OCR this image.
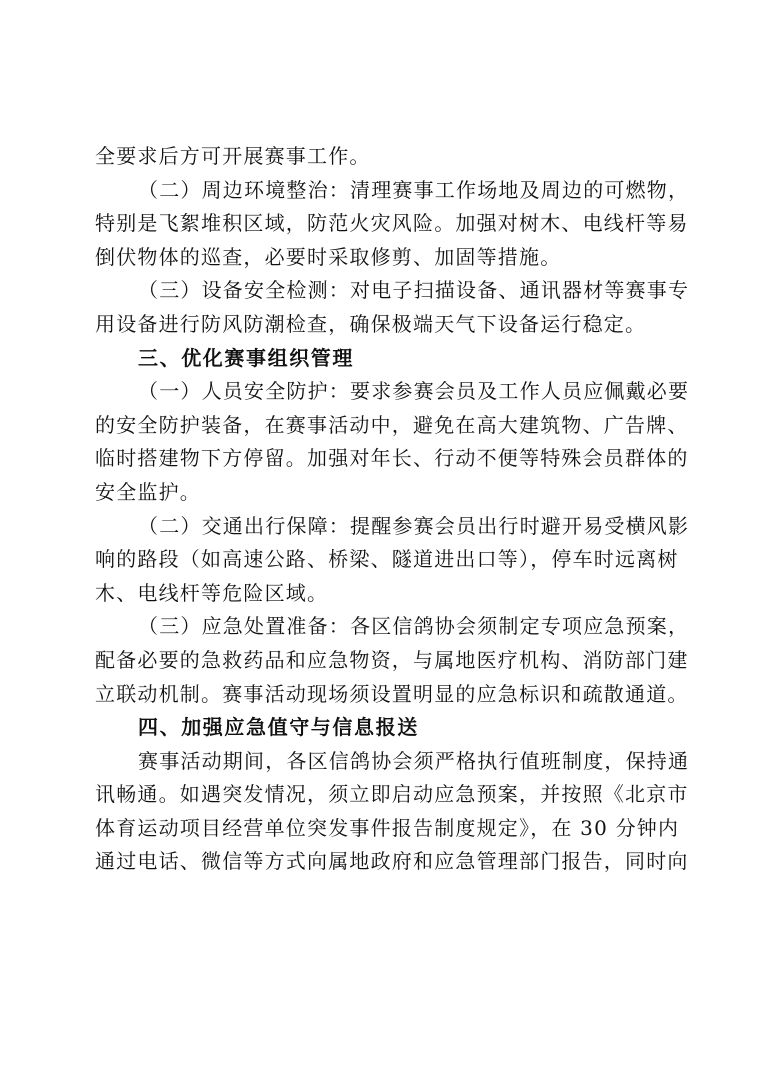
全要求后方可开展赛事工作。
（二）周边环境整治：清理赛事工作场地及周边的可燃物，
特别是飞絮堆积区域，防范火灾风险。加强对树木、电线杆等易
倒伏物体的巡查，必要时采取修剪、加固等措施。
（三）设备安全检测：对电子扫描设备、通讯器材等赛事专
用设备进行防风防潮检查，确保极端天气下设备运行稳定。
三、优化赛事组织管理
（一）人员安全防护：要求参赛会员及工作人员应佩戴必要
的安全防护装备，在赛事活动中，避免在高大建筑物、广告牌、
临时搭建物下方停留。加强对年长、行动不便等特殊会员群体的
安全监护。
（二）交通出行保障：提醒参赛会员出行时避开易受横风影
响的路段（如高速公路、桥梁、隧道进出口等），停车时远离树
木、电线杆等危险区域。
（三）应急处置准备：各区信鸽协会须制定专项应急预案，
配备必要的急救药品和应急物资，与属地医疗机构、消防部门建
立联动机制。赛事活动现场须设置明显的应急标识和疏散通道。
四、加强应急值守与信息报送
赛事活动期间，各区信鸽协会须严格执行值班制度，保持通
讯畅通。如遇突发情况，须立即启动应急预案，并按照《北京市
体育运动项目经营单位突发事件报告制度规定》，在 30 分钟内
通过电话、微信等方式向属地政府和应急管理部门报告，同时向
